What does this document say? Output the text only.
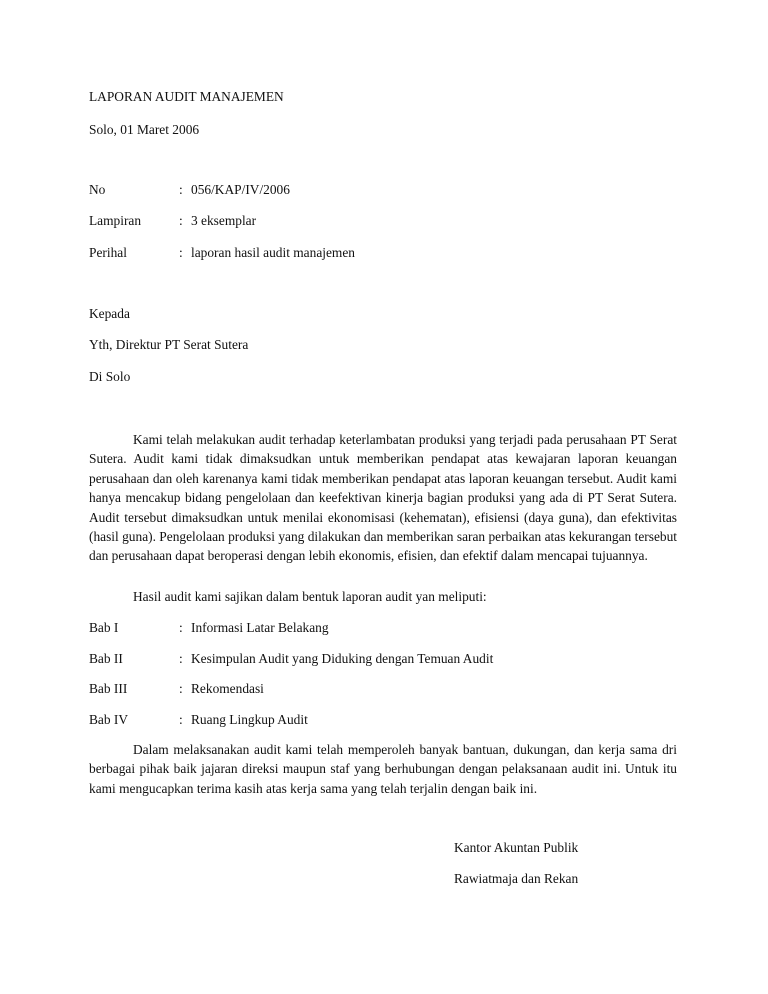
LAPORAN AUDIT MANAJEMEN

Solo, 01 Maret 2006

No	: 056/KAP/IV/2006
Lampiran	: 3 eksemplar
Perihal	: laporan hasil audit manajemen

Kepada

Yth, Direktur PT Serat Sutera

Di Solo

Kami telah melakukan audit terhadap keterlambatan produksi yang terjadi pada perusahaan PT Serat Sutera. Audit kami tidak dimaksudkan untuk memberikan pendapat atas kewajaran laporan keuangan perusahaan dan oleh karenanya kami tidak memberikan pendapat atas laporan keuangan tersebut. Audit kami hanya mencakup bidang pengelolaan dan keefektivan kinerja bagian produksi yang ada di PT Serat Sutera. Audit tersebut dimaksudkan untuk menilai ekonomisasi (kehematan), efisiensi (daya guna), dan efektivitas (hasil guna). Pengelolaan produksi yang dilakukan dan memberikan saran perbaikan atas kekurangan tersebut dan perusahaan dapat beroperasi dengan lebih ekonomis, efisien, dan efektif dalam mencapai tujuannya.

Hasil audit kami sajikan dalam bentuk laporan audit yan meliputi:

Bab I	: Informasi Latar Belakang
Bab II	: Kesimpulan Audit yang Diduking dengan Temuan Audit
Bab III	: Rekomendasi
Bab IV	: Ruang Lingkup Audit

Dalam melaksanakan audit kami telah memperoleh banyak bantuan, dukungan, dan kerja sama dri berbagai pihak baik jajaran direksi maupun staf yang berhubungan dengan pelaksanaan audit ini. Untuk itu kami mengucapkan terima kasih atas kerja sama yang telah terjalin dengan baik ini.

Kantor Akuntan Publik

Rawiatmaja dan Rekan
